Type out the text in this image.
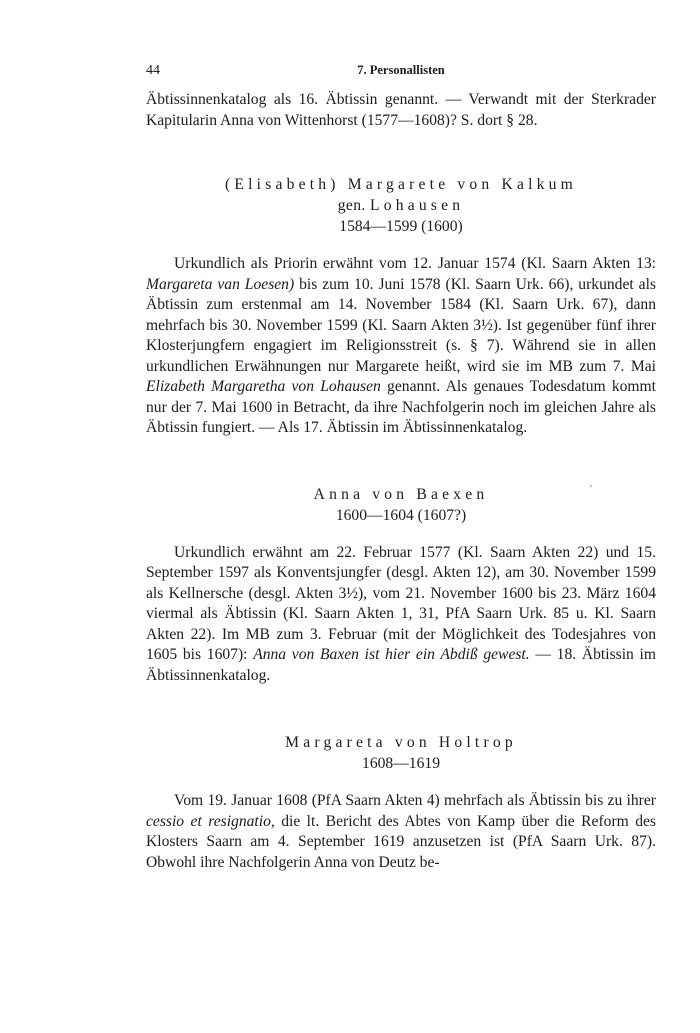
44	7. Personallisten

Äbtissinnenkatalog als 16. Äbtissin genannt. — Verwandt mit der Sterkrader Kapitularin Anna von Wittenhorst (1577—1608)? S. dort § 28.

(Elisabeth) Margarete von Kalkum
gen. Lohausen
1584—1599 (1600)

Urkundlich als Priorin erwähnt vom 12. Januar 1574 (Kl. Saarn Akten 13: Margareta van Loesen) bis zum 10. Juni 1578 (Kl. Saarn Urk. 66), urkundet als Äbtissin zum erstenmal am 14. November 1584 (Kl. Saarn Urk. 67), dann mehrfach bis 30. November 1599 (Kl. Saarn Akten 3½). Ist gegenüber fünf ihrer Klosterjungfern engagiert im Religionsstreit (s. § 7). Während sie in allen urkundlichen Erwähnungen nur Margarete heißt, wird sie im MB zum 7. Mai Elizabeth Margaretha von Lohausen genannt. Als genaues Todesdatum kommt nur der 7. Mai 1600 in Betracht, da ihre Nachfolgerin noch im gleichen Jahre als Äbtissin fungiert. — Als 17. Äbtissin im Äbtissinnenkatalog.

Anna von Baexen
1600—1604 (1607?)

Urkundlich erwähnt am 22. Februar 1577 (Kl. Saarn Akten 22) und 15. September 1597 als Konventsjungfer (desgl. Akten 12), am 30. November 1599 als Kellnersche (desgl. Akten 3½), vom 21. November 1600 bis 23. März 1604 viermal als Äbtissin (Kl. Saarn Akten 1, 31, PfA Saarn Urk. 85 u. Kl. Saarn Akten 22). Im MB zum 3. Februar (mit der Möglichkeit des Todesjahres von 1605 bis 1607): Anna von Baxen ist hier ein Abdiß gewest. — 18. Äbtissin im Äbtissinnenkatalog.

Margareta von Holtrop
1608—1619

Vom 19. Januar 1608 (PfA Saarn Akten 4) mehrfach als Äbtissin bis zu ihrer cessio et resignatio, die lt. Bericht des Abtes von Kamp über die Reform des Klosters Saarn am 4. September 1619 anzusetzen ist (PfA Saarn Urk. 87). Obwohl ihre Nachfolgerin Anna von Deutz be-

'
